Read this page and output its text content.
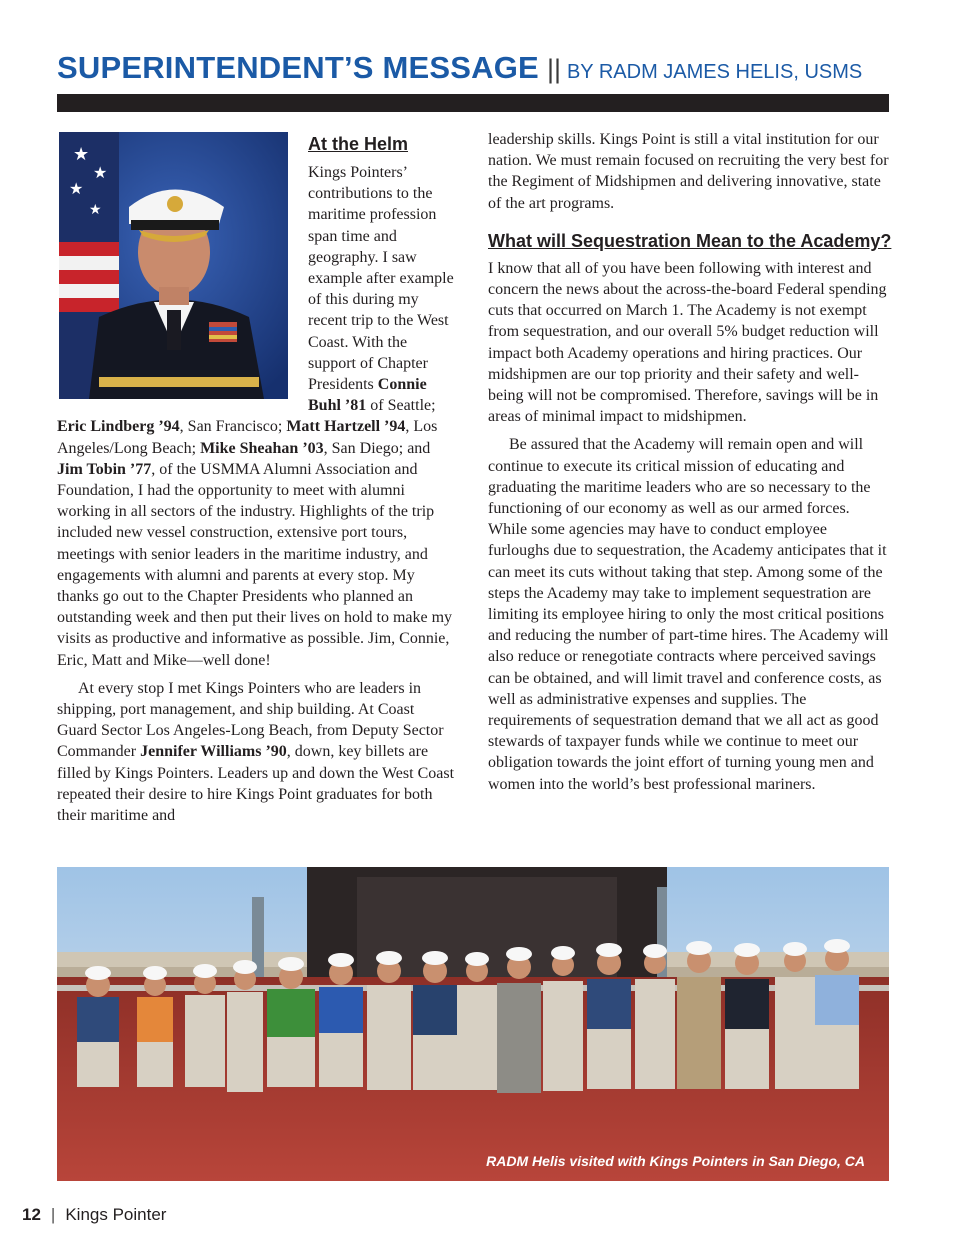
SUPERINTENDENT’S MESSAGE || BY RADM JAMES HELIS, USMS
★
★
★
★
At the Helm

Kings Pointers’ contributions to the maritime profession span time and geography. I saw example after example of this during my recent trip to the West Coast. With the support of Chapter Presidents Connie Buhl ’81 of Seattle; Eric Lindberg ’94, San Francisco; Matt Hartzell ’94, Los Angeles/Long Beach; Mike Sheahan ’03, San Diego; and Jim Tobin ’77, of the USMMA Alumni Association and Foundation, I had the opportunity to meet with alumni working in all sectors of the industry. Highlights of the trip included new vessel construction, extensive port tours, meetings with senior leaders in the maritime industry, and engagements with alumni and parents at every stop. My thanks go out to the Chapter Presidents who planned an outstanding week and then put their lives on hold to make my visits as productive and informative as possible. Jim, Connie, Eric, Matt and Mike—well done!

At every stop I met Kings Pointers who are leaders in shipping, port management, and ship building. At Coast Guard Sector Los Angeles-Long Beach, from Deputy Sector Commander Jennifer Williams ’90, down, key billets are filled by Kings Pointers. Leaders up and down the West Coast repeated their desire to hire Kings Point graduates for both their maritime and

leadership skills. Kings Point is still a vital institution for our nation. We must remain focused on recruiting the very best for the Regiment of Midshipmen and delivering innovative, state of the art programs.

What will Sequestration Mean to the Academy?

I know that all of you have been following with interest and concern the news about the across-the-board Federal spending cuts that occurred on March 1. The Academy is not exempt from sequestration, and our overall 5% budget reduction will impact both Academy operations and hiring practices. Our midshipmen are our top priority and their safety and well-being will not be compromised. Therefore, savings will be in areas of minimal impact to midshipmen.

Be assured that the Academy will remain open and will continue to execute its critical mission of educating and graduating the maritime leaders who are so necessary to the functioning of our economy as well as our armed forces. While some agencies may have to conduct employee furloughs due to sequestration, the Academy anticipates that it can meet its cuts without taking that step. Among some of the steps the Academy may take to implement sequestration are limiting its employee hiring to only the most critical positions and reducing the number of part-time hires. The Academy will also reduce or renegotiate contracts where perceived savings can be obtained, and will limit travel and conference costs, as well as administrative expenses and supplies. The requirements of sequestration demand that we all act as good stewards of taxpayer funds while we continue to meet our obligation towards the joint effort of turning young men and women into the world’s best professional mariners.

RADM Helis visited with Kings Pointers in San Diego, CA
12 | Kings Pointer
